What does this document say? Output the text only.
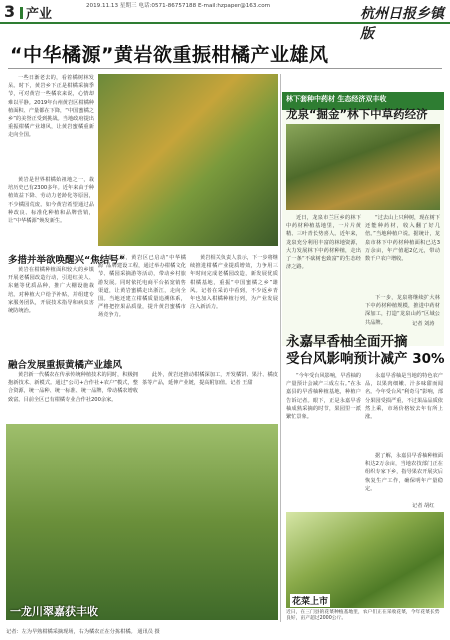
3 产业
2019.11.13 星期三 电话:0571-86757188 E-mail:hzpaper@163.com	杭州日报乡镇版
“中华橘源”黄岩欲重振柑橘产业雄风
一些日渐老去的，看着橘树林发呆。时下，黄岩乡下正是柑橘采摘季节，可对黄岩一些橘农来说，心情却难以平静。2019年台州黄岩区柑橘种植面积、产量都在下降，“中国蜜橘之乡”的美誉正受到挑战。当地政府提出重振柑橘产业雄风，让黄岩蜜橘重新走向全国。
黄岩是世界柑橘始祖地之一，栽培历史已有2300多年。近年来由于种植效益下降、劳动力老龄化等原因，不少橘园荒废。如今黄岩希望通过品种改良、标准化种植和品牌营销，让“中华橘源”焕发新生。
多措并举欲唤醒兴“焦结号”
黄岩在柑橘种植面积较大的乡镇开展老橘园改造行动，引进红美人、东魁等优质品种，推广大棚设施栽培。对种植大户给予补贴，并组建专家服务团队，开展技术指导和病虫害统防统治。
据了解，黄岩区已启动“中华橘源”品牌建设工程，通过举办柑橘文化节、橘园采摘游等活动，带动乡村旅游发展。同时依托电商平台拓宽销售渠道，让黄岩蜜橘走出浙江，走向全国。当地还建立柑橘质量追溯体系，严格把控果品质量，提升黄岩蜜橘市场竞争力。
黄岩相关负责人表示，下一步将继续推进柑橘产业提质增效，力争用三年时间完成老橘园改造，新发展优质柑橘基地，重振“中国蜜橘之乡”雄风。记者在采访中看到，不少返乡青年也加入柑橘种植行列，为产业发展注入新活力。
融合发展重振黄橘产业雄风
黄岩新一代橘农在传承传统种植技术的同时，积极拥抱新技术、新模式。通过“公司+合作社+农户”模式，整合资源，统一品种、统一标准、统一品牌，带动橘农增收致富。目前全区已有柑橘专业合作社200余家。
此外，黄岩还推动柑橘深加工，开发橘饼、果汁、橘皮茶等产品，延伸产业链，提高附加值。记者 王甜
一龙川翠嘉获丰收
林下套种中药材 生态经济双丰收
龙泉“掘金”林下中草药经济
近日，龙泉市兰巨乡的林下中药材种植基地里，一片片黄精、三叶青长势喜人。近年来，龙泉充分利用丰富的林地资源，大力发展林下中药材种植，走出了一条“不砍树也致富”的生态经济之路。
“过去山上只种树，现在树下还能种药材，收入翻了好几倍。”当地种植户说。据统计，龙泉市林下中药材种植面积已达3万余亩，年产值超2亿元，带动数千户农户增收。
下一步，龙泉将继续扩大林下中药材种植规模，推进中药材深加工，打造“龙泉山药”区域公共品牌。	记者 刘涛
永嘉早香柚全面开摘
受台风影响预计减产 30%
“今年受台风影响，早香柚的产量预计会减产三成左右。”在永嘉县的早香柚种植基地，种植户告诉记者。眼下，正是永嘉早香柚成熟采摘的时节，果园里一派繁忙景象。
永嘉早香柚是当地的特色农产品，以果肉细嫩、汁多味甜而闻名。今年受台风“利奇马”影响，部分果园受损严重，不过果品品质依然上乘，市场价格较去年有所上涨。
据了解，永嘉县早香柚种植面积达2万余亩，当地农技部门正在组织专家下乡，指导果农开展灾后恢复生产工作，确保明年产量稳定。
记者 胡红
花菜上市
近日，在三门县的花菜种植基地里，农户们正在采收花菜，今年花菜长势良好，亩产超过2000公斤。
记者：左为早熟柑橘采摘现场，右为橘农正在分拣柑橘。 通讯员 摄
